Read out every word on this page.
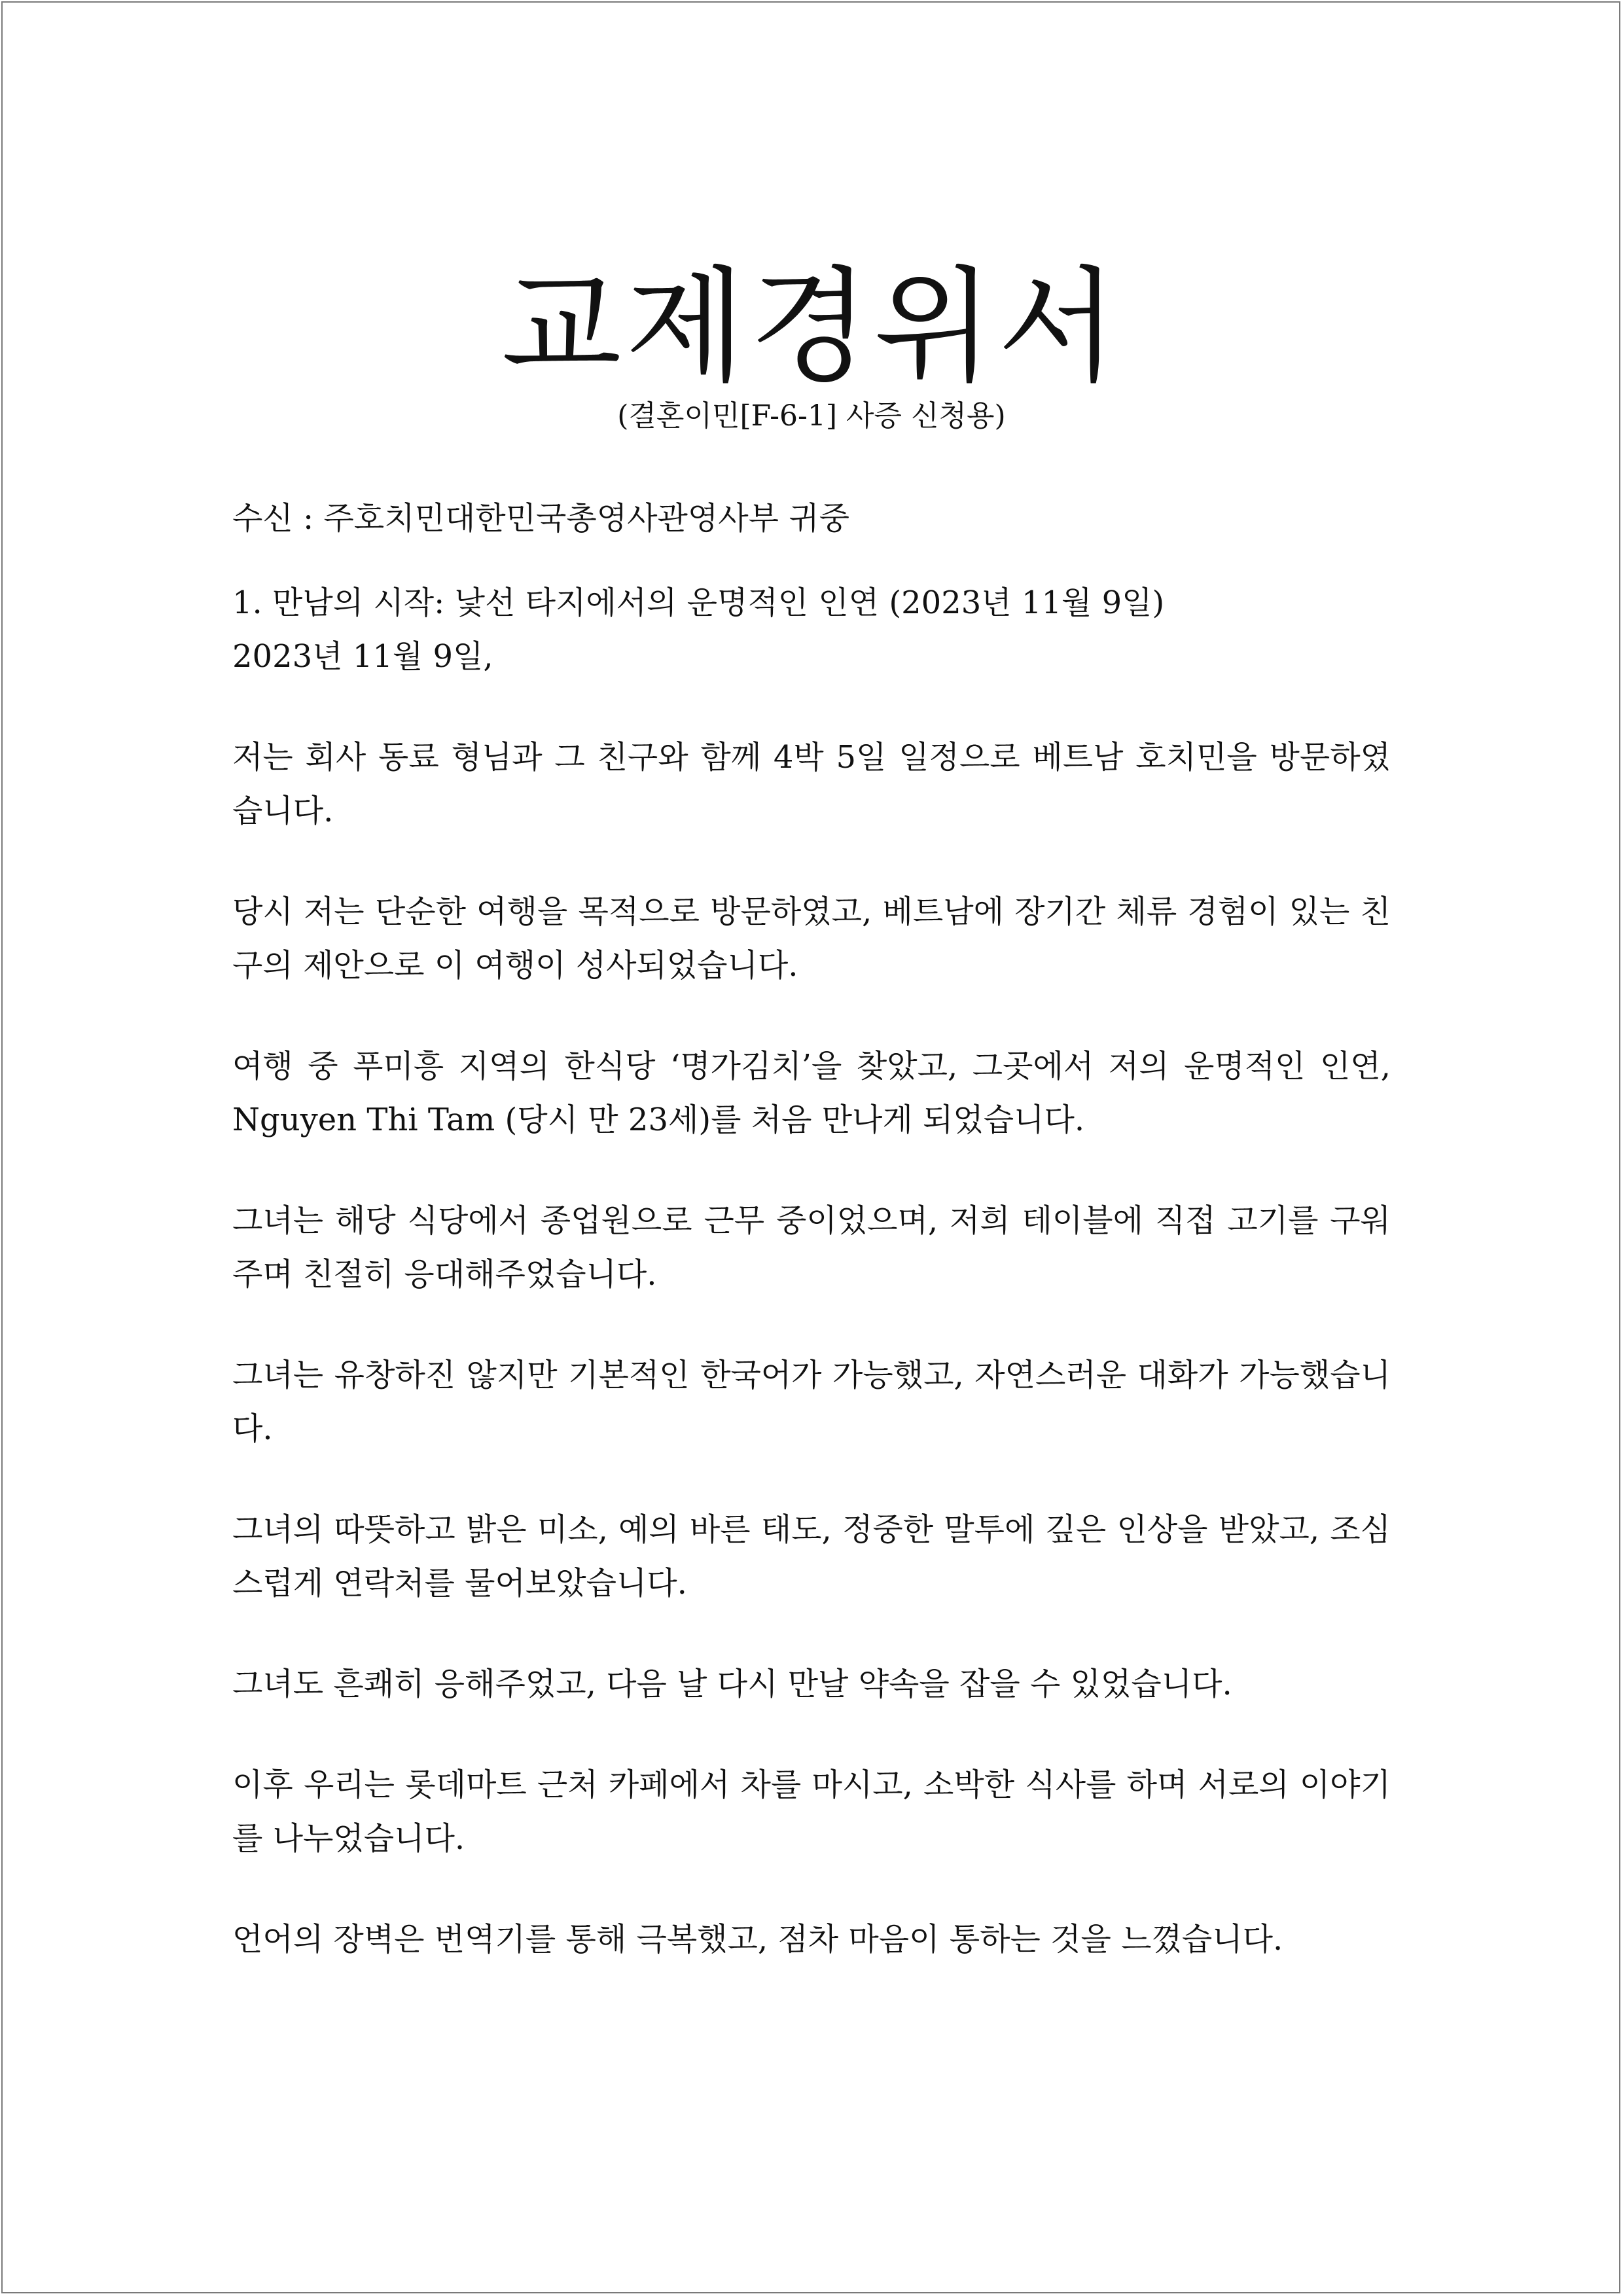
교제경위서
(결혼이민[F-6-1] 사증 신청용)
수신 : 주호치민대한민국총영사관영사부 귀중
1. 만남의 시작: 낯선 타지에서의 운명적인 인연 (2023년 11월 9일)
2023년 11월 9일,

저는 회사 동료 형님과 그 친구와 함께 4박 5일 일정으로 베트남 호치민을 방문하였습니다.

당시 저는 단순한 여행을 목적으로 방문하였고, 베트남에 장기간 체류 경험이 있는 친구의 제안으로 이 여행이 성사되었습니다.

여행 중 푸미흥 지역의 한식당 ‘명가김치’을 찾았고, 그곳에서 저의 운명적인 인연, Nguyen Thi Tam (당시 만 23세)를 처음 만나게 되었습니다.

그녀는 해당 식당에서 종업원으로 근무 중이었으며, 저희 테이블에 직접 고기를 구워주며 친절히 응대해주었습니다.

그녀는 유창하진 않지만 기본적인 한국어가 가능했고, 자연스러운 대화가 가능했습니다.

그녀의 따뜻하고 밝은 미소, 예의 바른 태도, 정중한 말투에 깊은 인상을 받았고, 조심스럽게 연락처를 물어보았습니다.

그녀도 흔쾌히 응해주었고, 다음 날 다시 만날 약속을 잡을 수 있었습니다.

이후 우리는 롯데마트 근처 카페에서 차를 마시고, 소박한 식사를 하며 서로의 이야기를 나누었습니다.

언어의 장벽은 번역기를 통해 극복했고, 점차 마음이 통하는 것을 느꼈습니다.
